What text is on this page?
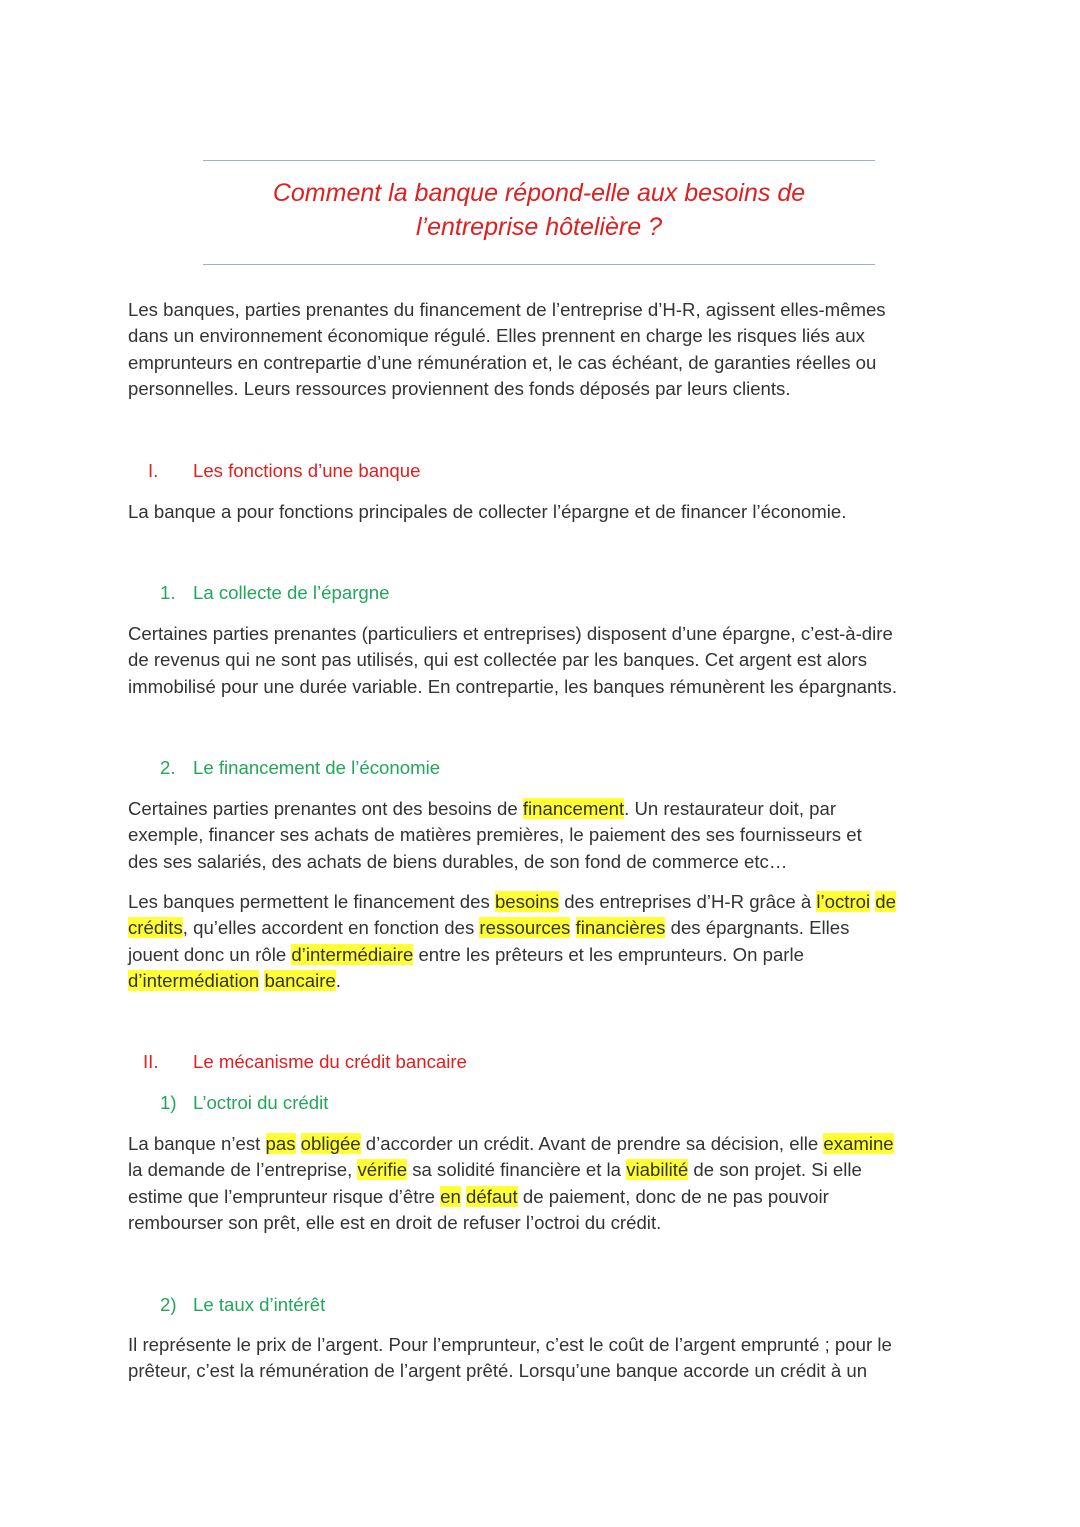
Comment la banque répond-elle aux besoins de
l’entreprise hôtelière ?
Les banques, parties prenantes du financement de l’entreprise d’H-R, agissent elles-mêmes
dans un environnement économique régulé. Elles prennent en charge les risques liés aux
emprunteurs en contrepartie d’une rémunération et, le cas échéant, de garanties réelles ou
personnelles. Leurs ressources proviennent des fonds déposés par leurs clients.
I. Les fonctions d’une banque
La banque a pour fonctions principales de collecter l’épargne et de financer l’économie.
1. La collecte de l’épargne
Certaines parties prenantes (particuliers et entreprises) disposent d’une épargne, c’est-à-dire
de revenus qui ne sont pas utilisés, qui est collectée par les banques. Cet argent est alors
immobilisé pour une durée variable. En contrepartie, les banques rémunèrent les épargnants.
2. Le financement de l’économie
Certaines parties prenantes ont des besoins de financement. Un restaurateur doit, par
exemple, financer ses achats de matières premières, le paiement des ses fournisseurs et
des ses salariés, des achats de biens durables, de son fond de commerce etc…
Les banques permettent le financement des besoins des entreprises d’H-R grâce à l’octroi de
crédits, qu’elles accordent en fonction des ressources financières des épargnants. Elles
jouent donc un rôle d’intermédiaire entre les prêteurs et les emprunteurs. On parle
d’intermédiation bancaire.
II. Le mécanisme du crédit bancaire
1) L’octroi du crédit
La banque n’est pas obligée d’accorder un crédit. Avant de prendre sa décision, elle examine
la demande de l’entreprise, vérifie sa solidité financière et la viabilité de son projet. Si elle
estime que l’emprunteur risque d’être en défaut de paiement, donc de ne pas pouvoir
rembourser son prêt, elle est en droit de refuser l’octroi du crédit.
2) Le taux d’intérêt
Il représente le prix de l’argent. Pour l’emprunteur, c’est le coût de l’argent emprunté ; pour le
prêteur, c’est la rémunération de l’argent prêté. Lorsqu’une banque accorde un crédit à un
